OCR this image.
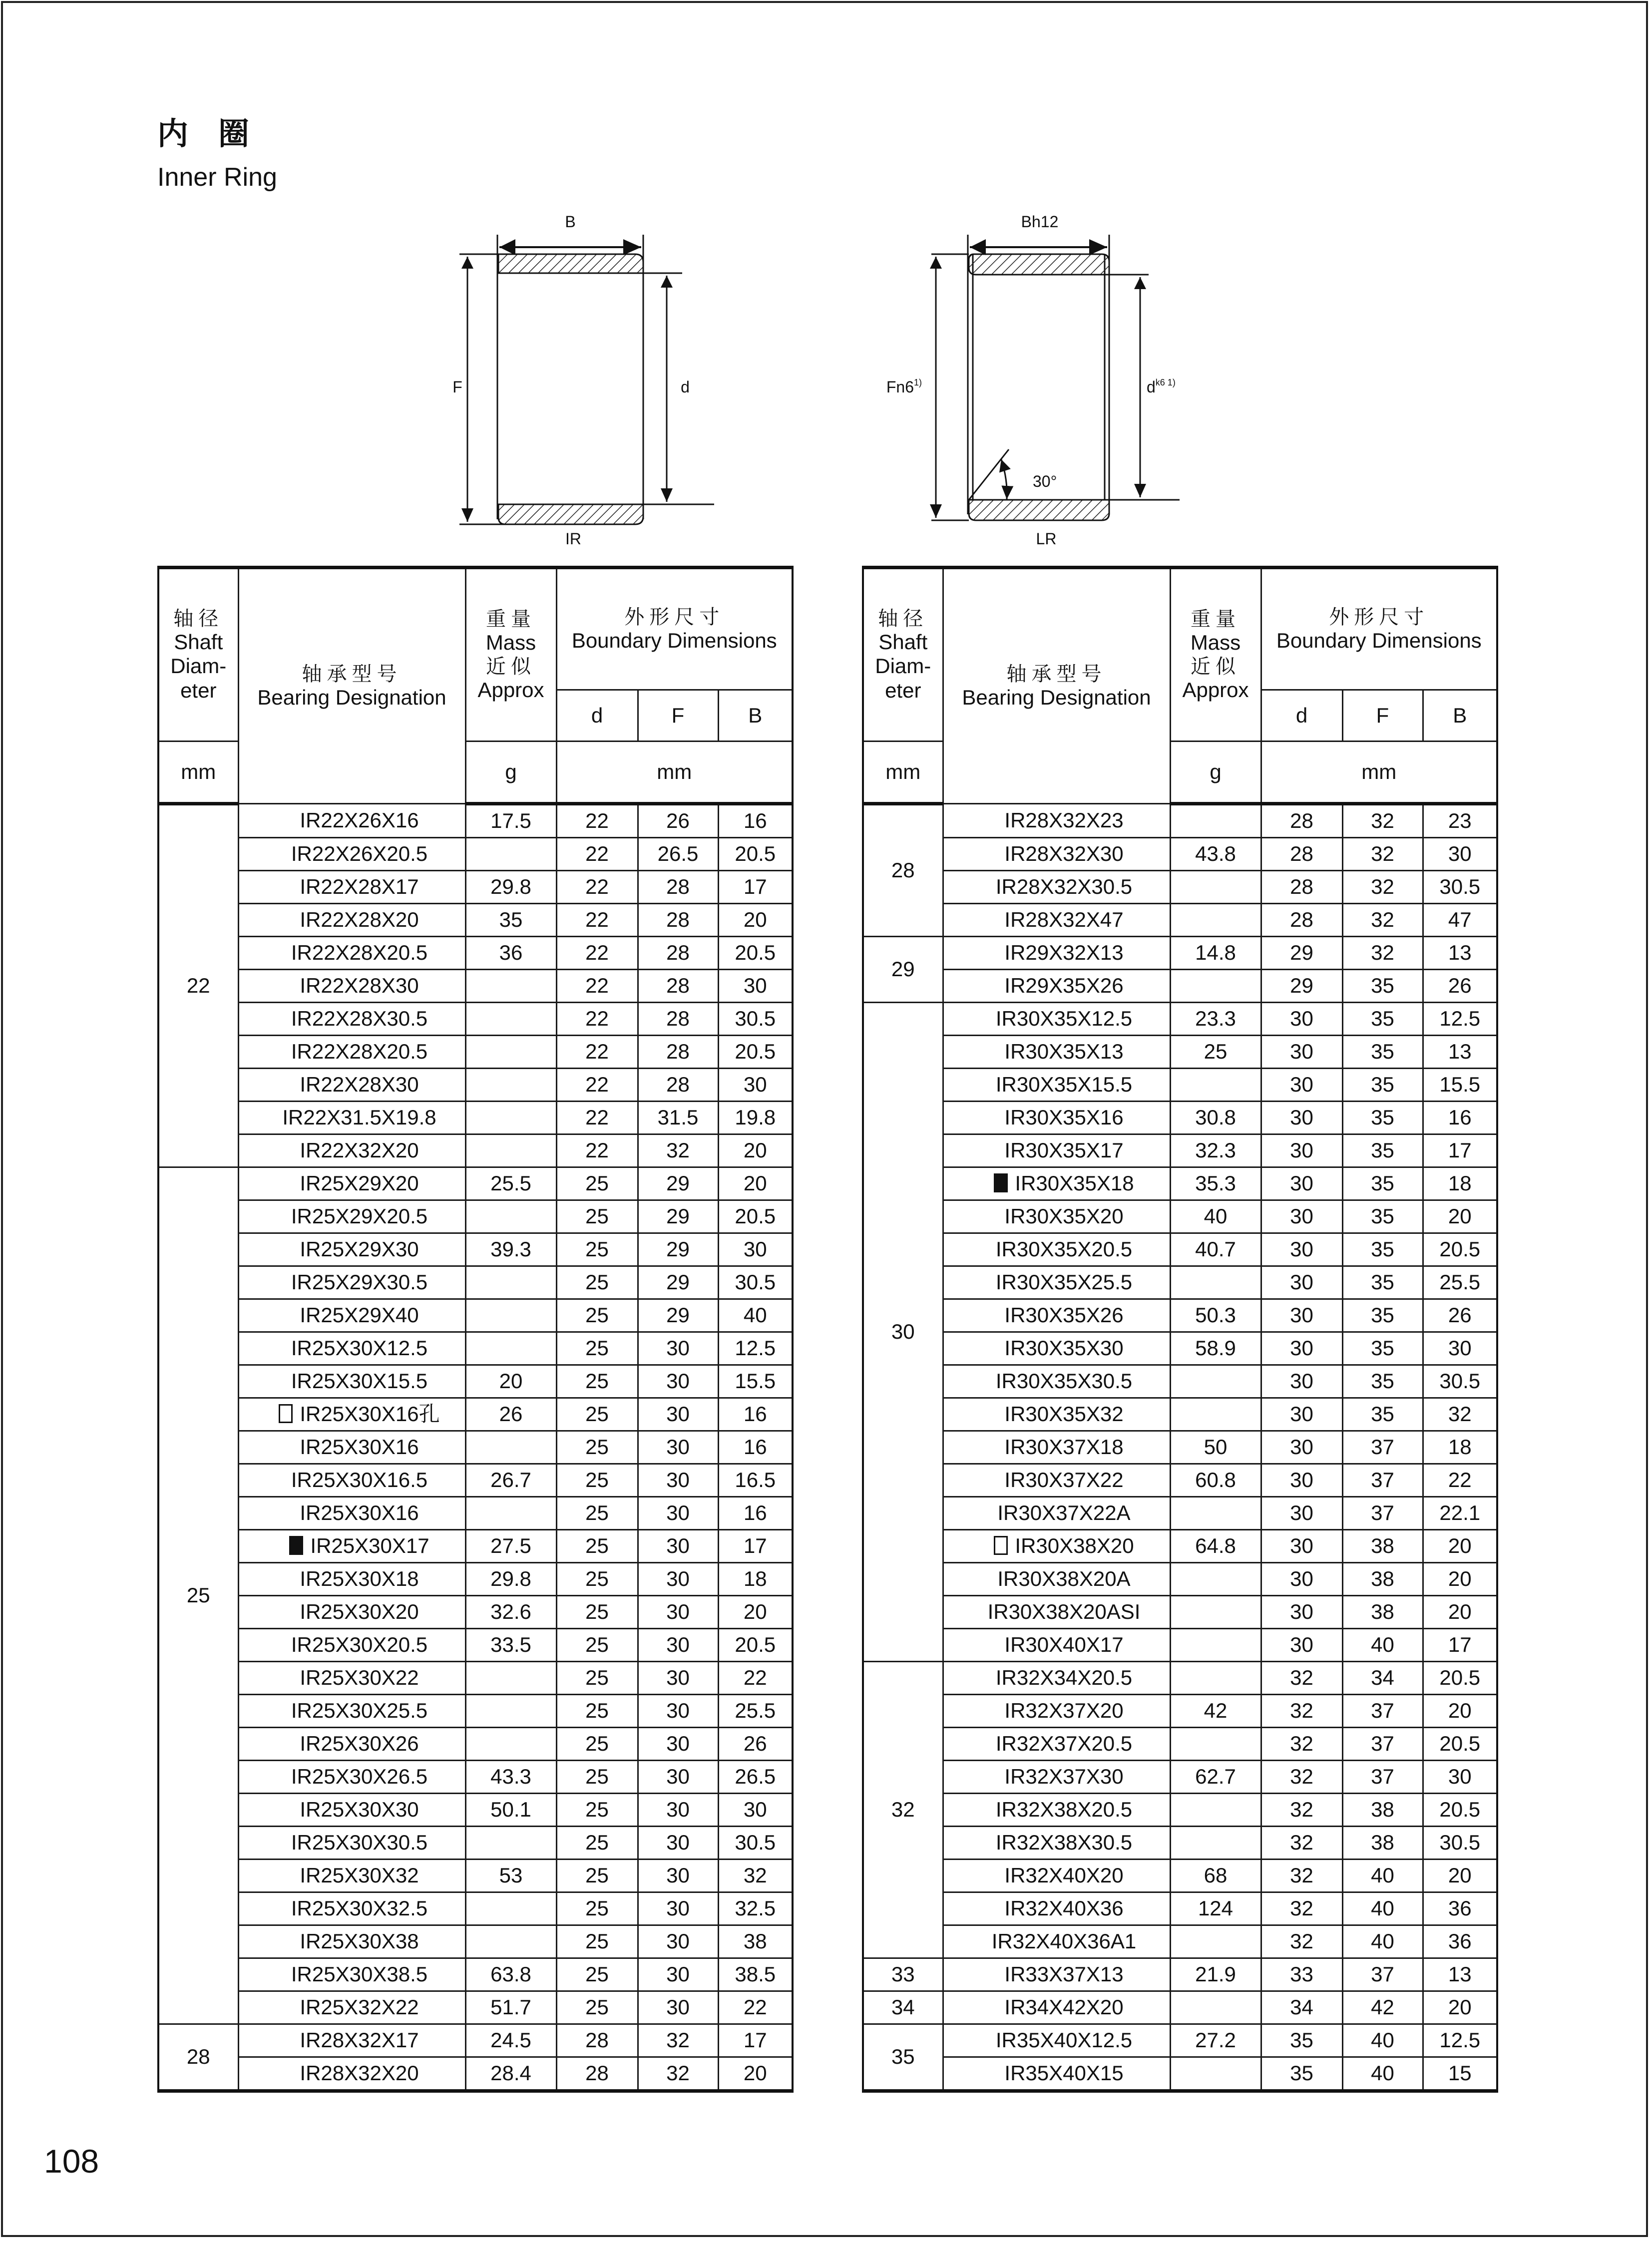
内圈
Inner Ring
B
F	d
IR
Bh12
Fn6$^{1)}$	$d^{k6 1)}$
30°
LR
轴径
Shaft
Diam-
eter	轴承型号
Bearing Designation	重量
Mass
近似
Approx	外形尺寸
Boundary Dimensions		

			d	F	B
mm		g	mm		
22	IR22X26X16	17.5	22	26	16
	IR22X26X20.5		22	26.5	20.5
	IR22X28X17	29.8	22	28	17
	IR22X28X20	35	22	28	20
	IR22X28X20.5	36	22	28	20.5
	IR22X28X30		22	28	30
	IR22X28X30.5		22	28	30.5
	IR22X28X20.5		22	28	20.5
	IR22X28X30		22	28	30
	IR22X31.5X19.8		22	31.5	19.8
	IR22X32X20		22	32	20
25	IR25X29X20	25.5	25	29	20
	IR25X29X20.5		25	29	20.5
	IR25X29X30	39.3	25	29	30
	IR25X29X30.5		25	29	30.5
	IR25X29X40		25	29	40
	IR25X30X12.5		25	30	12.5
	IR25X30X15.5	20	25	30	15.5
	IR25X30X16孔	26	25	30	16
	IR25X30X16		25	30	16
	IR25X30X16.5	26.7	25	30	16.5
	IR25X30X16		25	30	16
	IR25X30X17	27.5	25	30	17
	IR25X30X18	29.8	25	30	18
	IR25X30X20	32.6	25	30	20
	IR25X30X20.5	33.5	25	30	20.5
	IR25X30X22		25	30	22
	IR25X30X25.5		25	30	25.5
	IR25X30X26		25	30	26
	IR25X30X26.5	43.3	25	30	26.5
	IR25X30X30	50.1	25	30	30
	IR25X30X30.5		25	30	30.5
	IR25X30X32	53	25	30	32
	IR25X30X32.5		25	30	32.5
	IR25X30X38		25	30	38
	IR25X30X38.5	63.8	25	30	38.5
	IR25X32X22	51.7	25	30	22
28	IR28X32X17	24.5	28	32	17
	IR28X32X20	28.4	28	32	20
轴径
Shaft
Diam-
eter	轴承型号
Bearing Designation	重量
Mass
近似
Approx	外形尺寸
Boundary Dimensions		

			d	F	B
mm		g	mm		
28	IR28X32X23		28	32	23
	IR28X32X30	43.8	28	32	30
	IR28X32X30.5		28	32	30.5
	IR28X32X47		28	32	47
29	IR29X32X13	14.8	29	32	13
	IR29X35X26		29	35	26
30	IR30X35X12.5	23.3	30	35	12.5
	IR30X35X13	25	30	35	13
	IR30X35X15.5		30	35	15.5
	IR30X35X16	30.8	30	35	16
	IR30X35X17	32.3	30	35	17
	IR30X35X18	35.3	30	35	18
	IR30X35X20	40	30	35	20
	IR30X35X20.5	40.7	30	35	20.5
	IR30X35X25.5		30	35	25.5
	IR30X35X26	50.3	30	35	26
	IR30X35X30	58.9	30	35	30
	IR30X35X30.5		30	35	30.5
	IR30X35X32		30	35	32
	IR30X37X18	50	30	37	18
	IR30X37X22	60.8	30	37	22
	IR30X37X22A		30	37	22.1
	IR30X38X20	64.8	30	38	20
	IR30X38X20A		30	38	20
	IR30X38X20ASI		30	38	20
	IR30X40X17		30	40	17
32	IR32X34X20.5		32	34	20.5
	IR32X37X20	42	32	37	20
	IR32X37X20.5		32	37	20.5
	IR32X37X30	62.7	32	37	30
	IR32X38X20.5		32	38	20.5
	IR32X38X30.5		32	38	30.5
	IR32X40X20	68	32	40	20
	IR32X40X36	124	32	40	36
	IR32X40X36A1		32	40	36
33	IR33X37X13	21.9	33	37	13
34	IR34X42X20		34	42	20
35	IR35X40X12.5	27.2	35	40	12.5
	IR35X40X15		35	40	15
108
